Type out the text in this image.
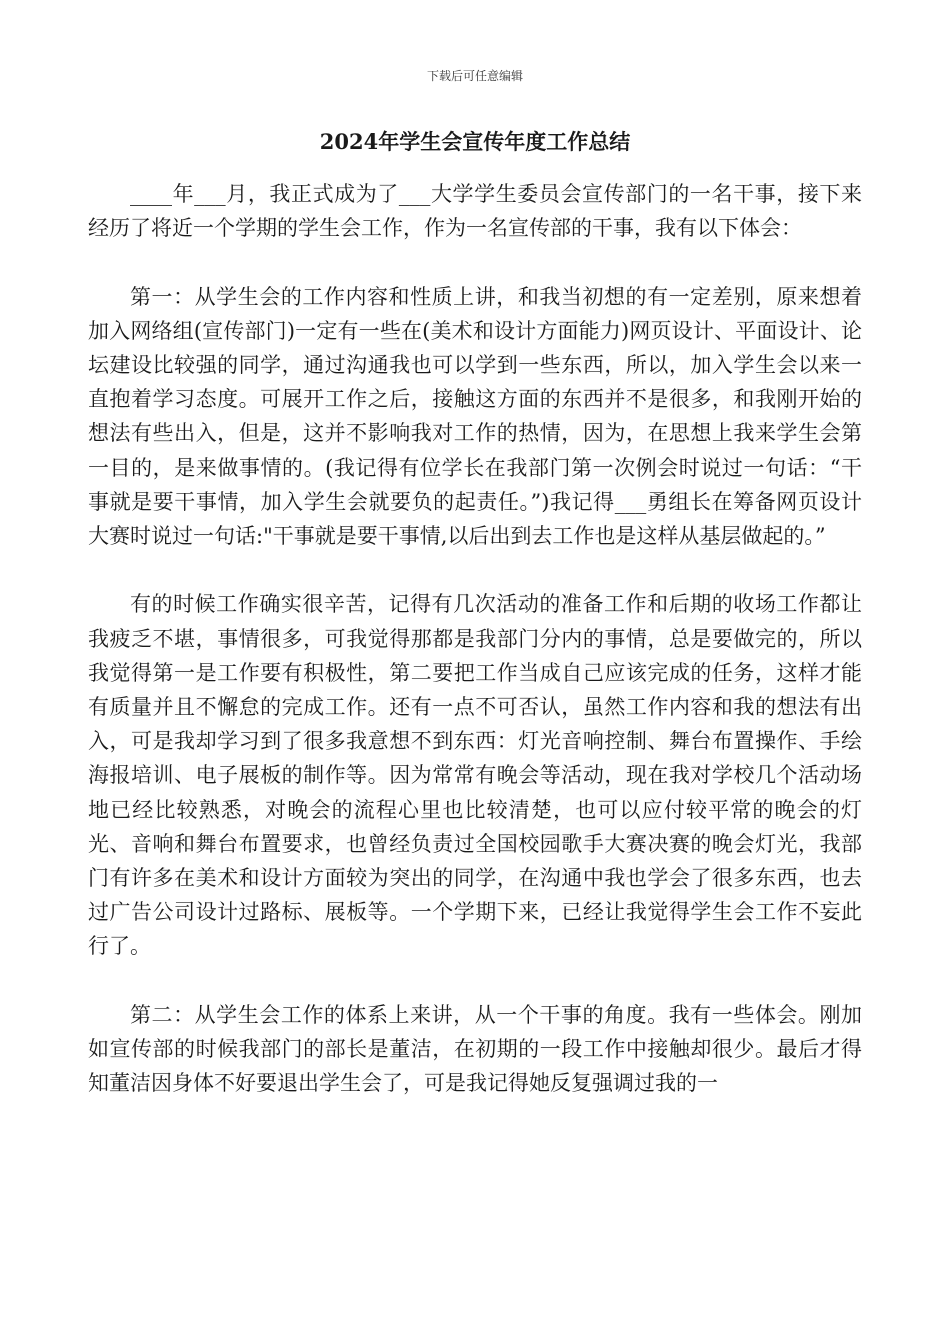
下载后可任意编辑
2024年学生会宣传年度工作总结

____年___月，我正式成为了___大学学生委员会宣传部门的一名干事，接下来经历了将近一个学期的学生会工作，作为一名宣传部的干事，我有以下体会：

第一：从学生会的工作内容和性质上讲，和我当初想的有一定差别，原来想着加入网络组(宣传部门)一定有一些在(美术和设计方面能力)网页设计、平面设计、论坛建设比较强的同学，通过沟通我也可以学到一些东西，所以，加入学生会以来一直抱着学习态度。可展开工作之后，接触这方面的东西并不是很多，和我刚开始的想法有些出入，但是，这并不影响我对工作的热情，因为，在思想上我来学生会第一目的，是来做事情的。(我记得有位学长在我部门第一次例会时说过一句话：“干事就是要干事情，加入学生会就要负的起责任。”)我记得___勇组长在筹备网页设计大赛时说过一句话:"干事就是要干事情,以后出到去工作也是这样从基层做起的。”

有的时候工作确实很辛苦，记得有几次活动的准备工作和后期的收场工作都让我疲乏不堪，事情很多，可我觉得那都是我部门分内的事情，总是要做完的，所以我觉得第一是工作要有积极性，第二要把工作当成自己应该完成的任务，这样才能有质量并且不懈怠的完成工作。还有一点不可否认，虽然工作内容和我的想法有出入，可是我却学习到了很多我意想不到东西：灯光音响控制、舞台布置操作、手绘海报培训、电子展板的制作等。因为常常有晚会等活动，现在我对学校几个活动场地已经比较熟悉，对晚会的流程心里也比较清楚，也可以应付较平常的晚会的灯光、音响和舞台布置要求，也曾经负责过全国校园歌手大赛决赛的晚会灯光，我部门有许多在美术和设计方面较为突出的同学，在沟通中我也学会了很多东西，也去过广告公司设计过路标、展板等。一个学期下来，已经让我觉得学生会工作不妄此行了。

第二：从学生会工作的体系上来讲，从一个干事的角度。我有一些体会。刚加如宣传部的时候我部门的部长是董洁，在初期的一段工作中接触却很少。最后才得知董洁因身体不好要退出学生会了，可是我记得她反复强调过我的一
